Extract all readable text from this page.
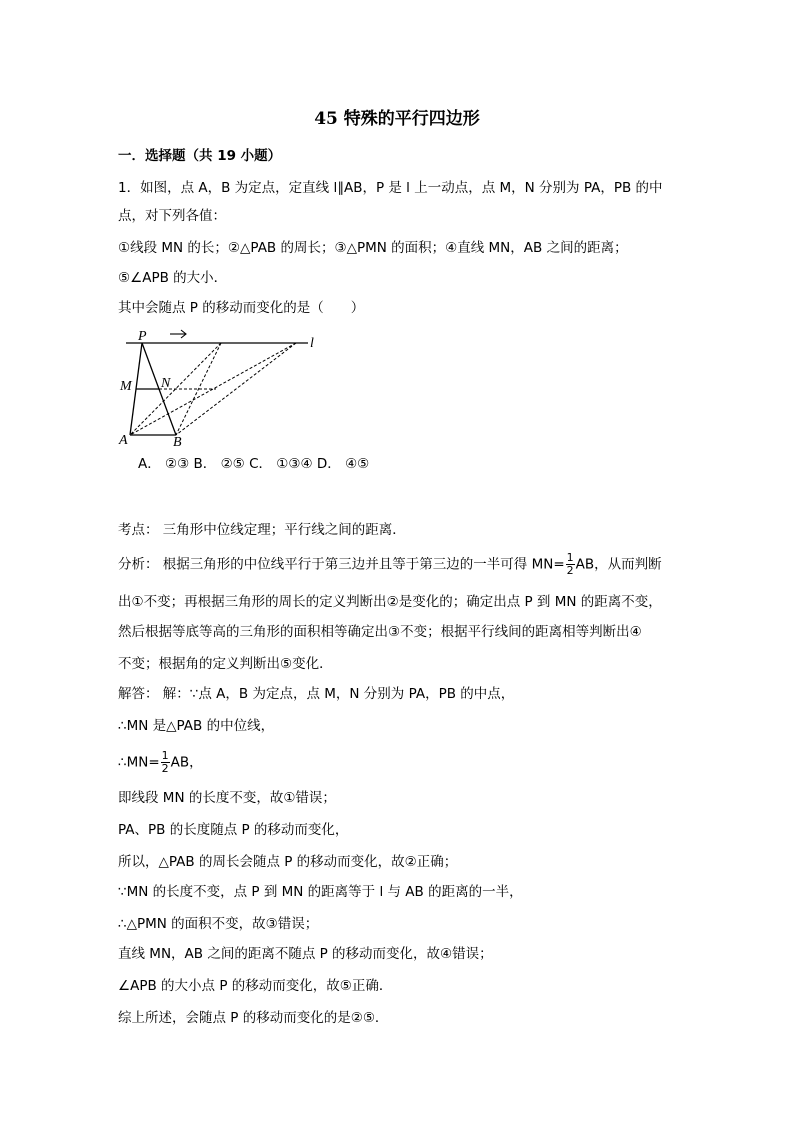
45 特殊的平行四边形
一．选择题（共 19 小题）
1．如图，点 A，B 为定点，定直线 l∥AB，P 是 l 上一动点，点 M，N 分别为 PA，PB 的中
点，对下列各值：
①线段 MN 的长；②△PAB 的周长；③△PMN 的面积；④直线 MN，AB 之间的距离；
⑤∠APB 的大小．
其中会随点 P 的移动而变化的是（　　）
P	l
M N
A	B
A． ②③ B． ②⑤ C． ①③④ D． ④⑤
考点： 三角形中位线定理；平行线之间的距离．
分析： 根据三角形的中位线平行于第三边并且等于第三边的一半可得 $MN= \frac{1}{2}$ AB，从而判断
出①不变；再根据三角形的周长的定义判断出②是变化的；确定出点 P 到 MN 的距离不变，
然后根据等底等高的三角形的面积相等确定出③不变；根据平行线间的距离相等判断出④
不变；根据角的定义判断出⑤变化．
解答： 解：∵点 A，B 为定点，点 M，N 分别为 PA，PB 的中点，
∴MN 是△PAB 的中位线，
∴MN= $\frac{1}{2}$ AB，
即线段 MN 的长度不变，故①错误；
PA、PB 的长度随点 P 的移动而变化，
所以，△PAB 的周长会随点 P 的移动而变化，故②正确；
∵MN 的长度不变，点 P 到 MN 的距离等于 l 与 AB 的距离的一半，
∴△PMN 的面积不变，故③错误；
直线 MN，AB 之间的距离不随点 P 的移动而变化，故④错误；
∠APB 的大小点 P 的移动而变化，故⑤正确．
综上所述，会随点 P 的移动而变化的是②⑤．
